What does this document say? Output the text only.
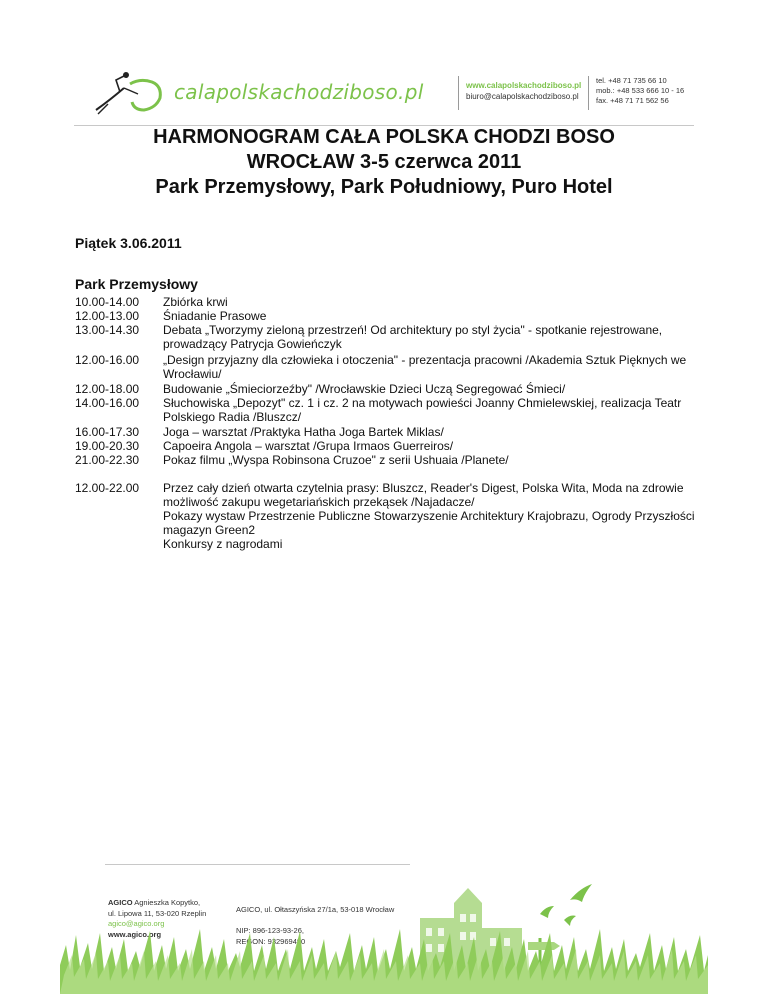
calapolskachodziboso.pl	www.calapolskachodziboso.pl
biuro@calapolskachodziboso.pl
tel. +48 71 735 66 10
mob.: +48 533 666 10 - 16
fax. +48 71 71 562 56
HARMONOGRAM CAŁA POLSKA CHODZI BOSO
WROCŁAW 3-5 czerwca 2011
Park Przemysłowy, Park Południowy, Puro Hotel
Piątek 3.06.2011
Park Przemysłowy
10.00-14.00	Zbiórka krwi
12.00-13.00	Śniadanie Prasowe
13.00-14.30	Debata „Tworzymy zieloną przestrzeń! Od architektury po styl życia" - spotkanie rejestrowane, prowadzący Patrycja Gowieńczyk
12.00-16.00	„Design przyjazny dla człowieka i otoczenia" - prezentacja pracowni /Akademia Sztuk Pięknych we Wrocławiu/
12.00-18.00	Budowanie „Śmieciorzeźby" /Wrocławskie Dzieci Uczą Segregować Śmieci/
14.00-16.00	Słuchowiska „Depozyt" cz. 1 i cz. 2 na motywach powieści Joanny Chmielewskiej, realizacja Teatr Polskiego Radia /Bluszcz/
16.00-17.30	Joga – warsztat /Praktyka Hatha Joga Bartek Miklas/
19.00-20.30	Capoeira Angola – warsztat /Grupa Irmaos Guerreiros/
21.00-22.30	Pokaz filmu „Wyspa Robinsona Cruzoe" z serii Ushuaia /Planete/
12.00-22.00	Przez cały dzień otwarta czytelnia prasy: Bluszcz, Reader's Digest, Polska Wita, Moda na zdrowie
możliwość zakupu wegetariańskich przekąsek /Najadacze/
Pokazy wystaw Przestrzenie Publiczne Stowarzyszenie Architektury Krajobrazu, Ogrody Przyszłości magazyn Green2
Konkursy z nagrodami
AGICO Agnieszka Kopytko,
ul. Lipowa 11, 53-020 Rzeplin
agico@agico.org
www.agico.org
AGICO, ul. Ołtaszyńska 27/1a, 53-018 Wrocław
NIP: 896-123-93-26,
REGON: 932969490
